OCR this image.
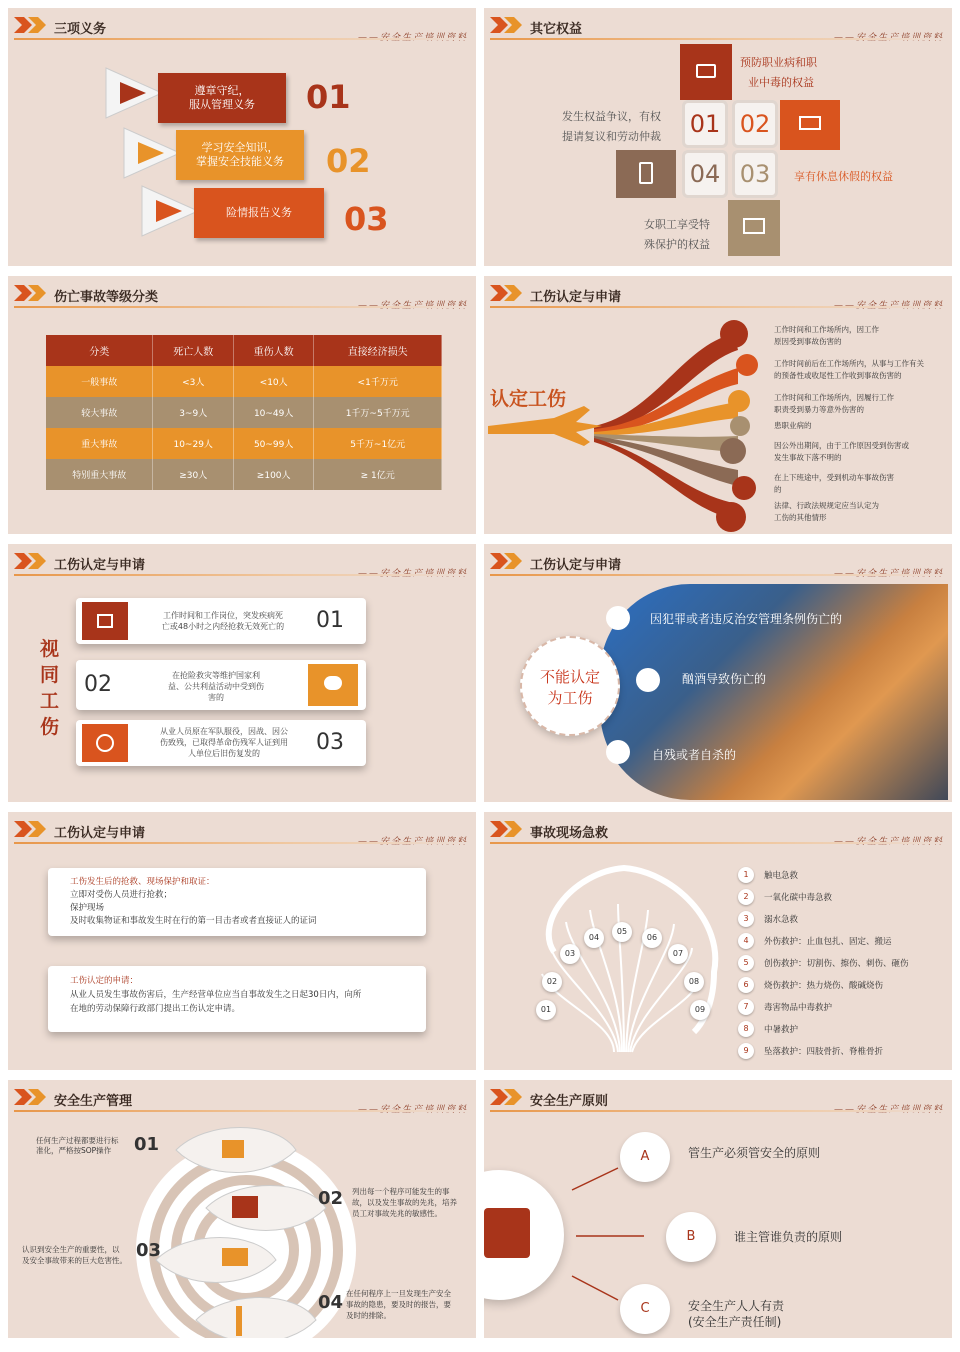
三项义务
遵章守纪，
服从管理义务 01
学习安全知识，
掌握安全技能义务 02
险情报告义务 03
其它权益
01 02
04 03
预防职业病和职
业中毒的权益
发生权益争议，有权
提请复议和劳动仲裁
享有休息休假的权益
女职工享受特
殊保护的权益
伤亡事故等级分类
分类	死亡人数	重伤人数	直接经济损失
一般事故	<3人	<10人	<1千万元
较大事故	3~9人	10~49人	1千万~5千万元
重大事故	10~29人	50~99人	5千万~1亿元
特别重大事故	≥30人	≥100人	≥ 1亿元
工伤认定与申请
认定工伤
工作时间和工作场所内，因工作
原因受到事故伤害的
工作时间前后在工作场所内，从事与工作有关
的预备性或收尾性工作收到事故伤害的
工作时间和工作场所内，因履行工作
职责受到暴力等意外伤害的
患职业病的
因公外出期间，由于工作原因受到伤害或
发生事故下落不明的
在上下班途中，受到机动车事故伤害
的
法律、行政法规规定应当认定为
工伤的其他情形
工伤认定与申请
视
同
工
伤
工作时间和工作岗位，突发疾病死
亡或48小时之内经抢救无效死亡的	01
02	在抢险救灾等维护国家利
益、公共利益活动中受到伤
害的
从业人员原在军队服役，因战、因公
伤致残，已取得革命伤残军人证到用
人单位后旧伤复发的	03
工伤认定与申请
不能认定
为工伤
因犯罪或者违反治安管理条例伤亡的
酗酒导致伤亡的
自残或者自杀的
工伤认定与申请
工伤发生后的抢救、现场保护和取证：
立即对受伤人员进行抢救；
保护现场
及时收集物证和事故发生时在行的第一目击者或者直接证人的证词
工伤认定的申请：
从业人员发生事故伤害后，生产经营单位应当自事故发生之日起30日内，向所
在地的劳动保障行政部门提出工伤认定申请。
事故现场急救
01
02
03
04
05
06
07
08
09
1	触电急救
2	一氧化碳中毒急救
3	溺水急救
4	外伤救护：止血包扎、固定、搬运
5	创伤救护：切割伤、擦伤、刺伤、砸伤
6	烧伤救护：热力烧伤、酸碱烧伤
7	毒害物品中毒救护
8	中暑救护
9	坠落救护：四肢骨折、脊椎骨折
安全生产管理
01
02
03
04
任何生产过程都要进行标
准化，严格按SOP操作
列出每一个程序可能发生的事
故，以及发生事故的先兆，培养
员工对事故先兆的敏感性。
认识到安全生产的重要性，以
及安全事故带来的巨大危害性。
在任何程序上一旦发现生产安全
事故的隐患，要及时的报告，要
及时的排除。
安全生产原则
A	管生产必须管安全的原则
B	谁主管谁负责的原则
C	安全生产人人有责
(安全生产责任制)
